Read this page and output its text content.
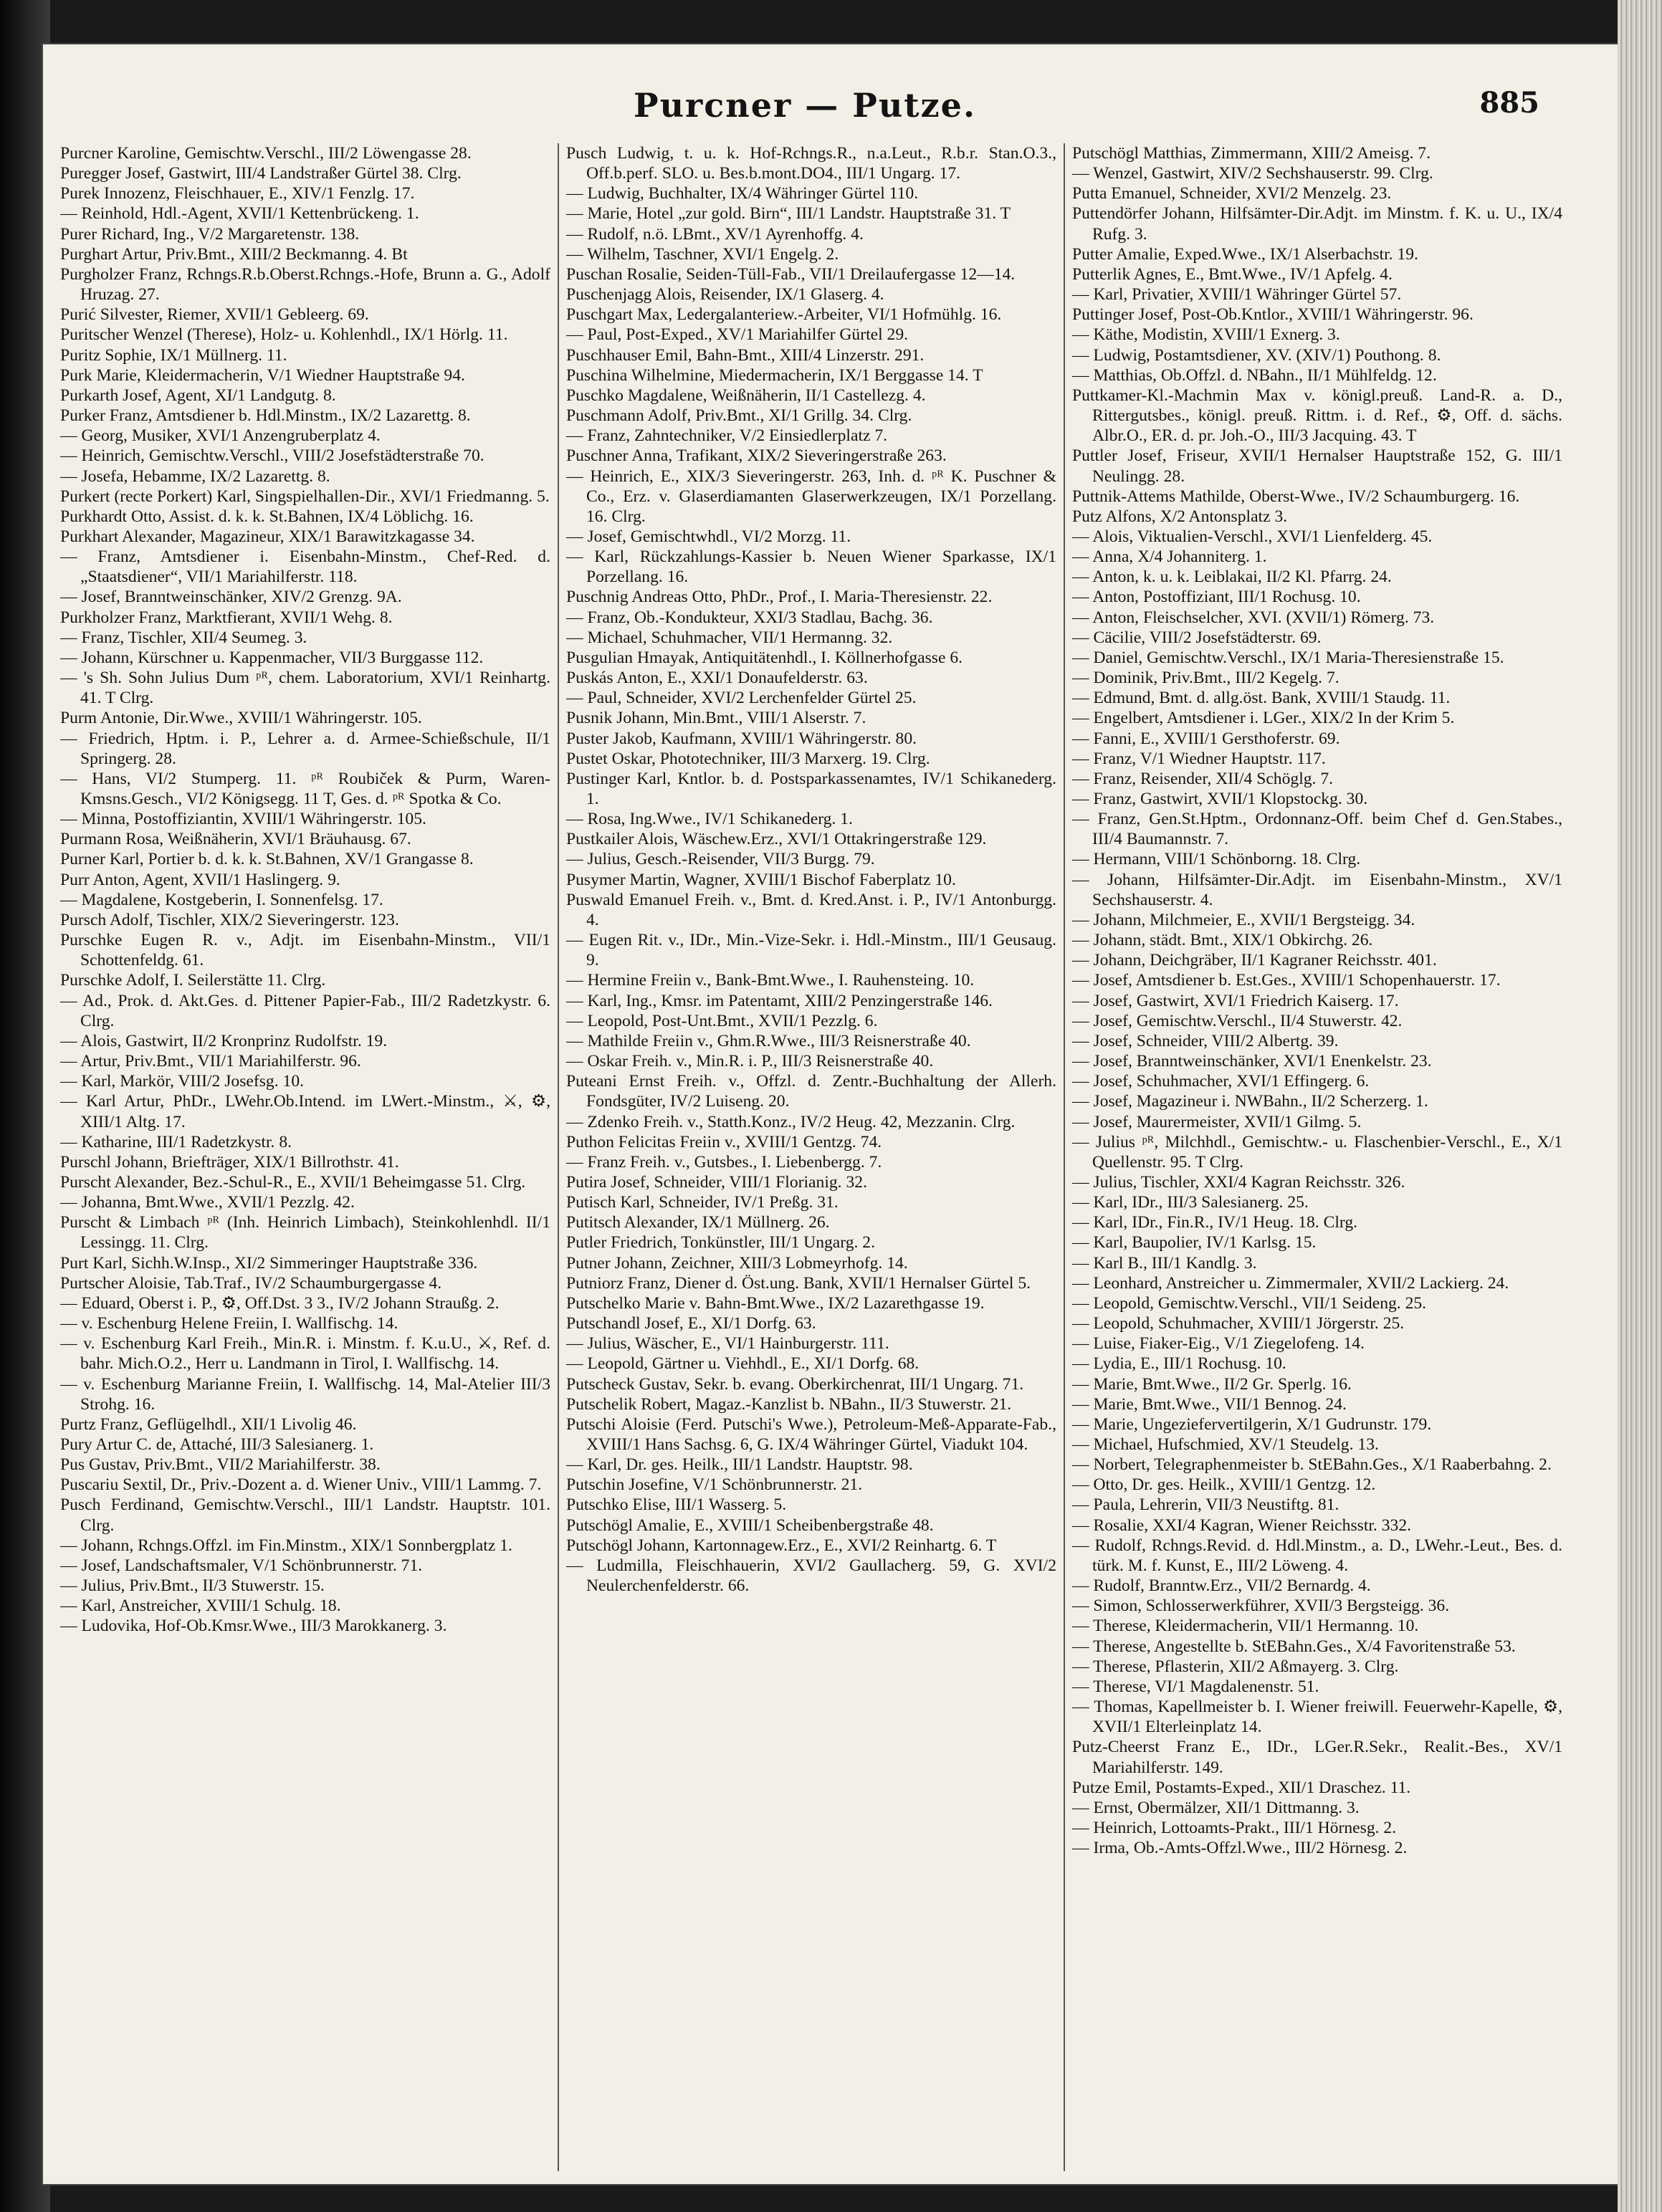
Purcner — Putze.	885
Purcner Karoline, Gemischtw.Verschl., III/2 Löwengasse 28.
Puregger Josef, Gastwirt, III/4 Landstraßer Gürtel 38. Clrg.
Purek Innozenz, Fleischhauer, E., XIV/1 Fenzlg. 17.
— Reinhold, Hdl.-Agent, XVII/1 Kettenbrückeng. 1.
Purer Richard, Ing., V/2 Margaretenstr. 138.
Purghart Artur, Priv.Bmt., XIII/2 Beckmanng. 4. Bt
Purgholzer Franz, Rchngs.R.b.Oberst.Rchngs.-Hofe, Brunn a. G., Adolf Hruzag. 27.
Purić Silvester, Riemer, XVII/1 Gebleerg. 69.
Puritscher Wenzel (Therese), Holz- u. Kohlenhdl., IX/1 Hörlg. 11.
Puritz Sophie, IX/1 Müllnerg. 11.
Purk Marie, Kleidermacherin, V/1 Wiedner Hauptstraße 94.
Purkarth Josef, Agent, XI/1 Landgutg. 8.
Purker Franz, Amtsdiener b. Hdl.Minstm., IX/2 Lazarettg. 8.
— Georg, Musiker, XVI/1 Anzengruberplatz 4.
— Heinrich, Gemischtw.Verschl., VIII/2 Josefstädterstraße 70.
— Josefa, Hebamme, IX/2 Lazarettg. 8.
Purkert (recte Porkert) Karl, Singspielhallen-Dir., XVI/1 Friedmanng. 5.
Purkhardt Otto, Assist. d. k. k. St.Bahnen, IX/4 Löblichg. 16.
Purkhart Alexander, Magazineur, XIX/1 Barawitzkagasse 34.
— Franz, Amtsdiener i. Eisenbahn-Minstm., Chef-Red. d. „Staatsdiener“, VII/1 Mariahilferstr. 118.
— Josef, Branntweinschänker, XIV/2 Grenzg. 9A.
Purkholzer Franz, Marktfierant, XVII/1 Wehg. 8.
— Franz, Tischler, XII/4 Seumeg. 3.
— Johann, Kürschner u. Kappenmacher, VII/3 Burggasse 112.
— 's Sh. Sohn Julius Dum ᵖᴿ, chem. Laboratorium, XVI/1 Reinhartg. 41. T Clrg.
Purm Antonie, Dir.Wwe., XVIII/1 Währingerstr. 105.
— Friedrich, Hptm. i. P., Lehrer a. d. Armee-Schießschule, II/1 Springerg. 28.
— Hans, VI/2 Stumperg. 11. ᵖᴿ Roubiček & Purm, Waren-Kmsns.Gesch., VI/2 Königsegg. 11 T, Ges. d. ᵖᴿ Spotka & Co.
— Minna, Postoffiziantin, XVIII/1 Währingerstr. 105.
Purmann Rosa, Weißnäherin, XVI/1 Bräuhausg. 67.
Purner Karl, Portier b. d. k. k. St.Bahnen, XV/1 Grangasse 8.
Purr Anton, Agent, XVII/1 Haslingerg. 9.
— Magdalene, Kostgeberin, I. Sonnenfelsg. 17.
Pursch Adolf, Tischler, XIX/2 Sieveringerstr. 123.
Purschke Eugen R. v., Adjt. im Eisenbahn-Minstm., VII/1 Schottenfeldg. 61.
Purschke Adolf, I. Seilerstätte 11. Clrg.
— Ad., Prok. d. Akt.Ges. d. Pittener Papier-Fab., III/2 Radetzkystr. 6. Clrg.
— Alois, Gastwirt, II/2 Kronprinz Rudolfstr. 19.
— Artur, Priv.Bmt., VII/1 Mariahilferstr. 96.
— Karl, Markör, VIII/2 Josefsg. 10.
— Karl Artur, PhDr., LWehr.Ob.Intend. im LWert.-Minstm., ⚔, ⚙, XIII/1 Altg. 17.
— Katharine, III/1 Radetzkystr. 8.
Purschl Johann, Briefträger, XIX/1 Billrothstr. 41.
Purscht Alexander, Bez.-Schul-R., E., XVII/1 Beheimgasse 51. Clrg.
— Johanna, Bmt.Wwe., XVII/1 Pezzlg. 42.
Purscht & Limbach ᵖᴿ (Inh. Heinrich Limbach), Steinkohlenhdl. II/1 Lessingg. 11. Clrg.
Purt Karl, Sichh.W.Insp., XI/2 Simmeringer Hauptstraße 336.
Purtscher Aloisie, Tab.Traf., IV/2 Schaumburgergasse 4.
— Eduard, Oberst i. P., ⚙, Off.Dst. 3 3., IV/2 Johann Straußg. 2.
— v. Eschenburg Helene Freiin, I. Wallfischg. 14.
— v. Eschenburg Karl Freih., Min.R. i. Minstm. f. K.u.U., ⚔, Ref. d. bahr. Mich.O.2., Herr u. Landmann in Tirol, I. Wallfischg. 14.
— v. Eschenburg Marianne Freiin, I. Wallfischg. 14, Mal-Atelier III/3 Strohg. 16.
Purtz Franz, Geflügelhdl., XII/1 Livolig 46.
Pury Artur C. de, Attaché, III/3 Salesianerg. 1.
Pus Gustav, Priv.Bmt., VII/2 Mariahilferstr. 38.
Puscariu Sextil, Dr., Priv.-Dozent a. d. Wiener Univ., VIII/1 Lammg. 7.
Pusch Ferdinand, Gemischtw.Verschl., III/1 Landstr. Hauptstr. 101. Clrg.
— Johann, Rchngs.Offzl. im Fin.Minstm., XIX/1 Sonnbergplatz 1.
— Josef, Landschaftsmaler, V/1 Schönbrunnerstr. 71.
— Julius, Priv.Bmt., II/3 Stuwerstr. 15.
— Karl, Anstreicher, XVIII/1 Schulg. 18.
— Ludovika, Hof-Ob.Kmsr.Wwe., III/3 Marokkanerg. 3.
Pusch Ludwig, t. u. k. Hof-Rchngs.R., n.a.Leut., R.b.r. Stan.O.3., Off.b.perf. SLO. u. Bes.b.mont.DO4., III/1 Ungarg. 17.
— Ludwig, Buchhalter, IX/4 Währinger Gürtel 110.
— Marie, Hotel „zur gold. Birn“, III/1 Landstr. Hauptstraße 31. T
— Rudolf, n.ö. LBmt., XV/1 Ayrenhoffg. 4.
— Wilhelm, Taschner, XVI/1 Engelg. 2.
Puschan Rosalie, Seiden-Tüll-Fab., VII/1 Dreilaufergasse 12—14.
Puschenjagg Alois, Reisender, IX/1 Glaserg. 4.
Puschgart Max, Ledergalanteriew.-Arbeiter, VI/1 Hofmühlg. 16.
— Paul, Post-Exped., XV/1 Mariahilfer Gürtel 29.
Puschhauser Emil, Bahn-Bmt., XIII/4 Linzerstr. 291.
Puschina Wilhelmine, Miedermacherin, IX/1 Berggasse 14. T
Puschko Magdalene, Weißnäherin, II/1 Castellezg. 4.
Puschmann Adolf, Priv.Bmt., XI/1 Grillg. 34. Clrg.
— Franz, Zahntechniker, V/2 Einsiedlerplatz 7.
Puschner Anna, Trafikant, XIX/2 Sieveringerstraße 263.
— Heinrich, E., XIX/3 Sieveringerstr. 263, Inh. d. ᵖᴿ K. Puschner & Co., Erz. v. Glaserdiamanten Glaserwerkzeugen, IX/1 Porzellang. 16. Clrg.
— Josef, Gemischtwhdl., VI/2 Morzg. 11.
— Karl, Rückzahlungs-Kassier b. Neuen Wiener Sparkasse, IX/1 Porzellang. 16.
Puschnig Andreas Otto, PhDr., Prof., I. Maria-Theresienstr. 22.
— Franz, Ob.-Kondukteur, XXI/3 Stadlau, Bachg. 36.
— Michael, Schuhmacher, VII/1 Hermanng. 32.
Pusgulian Hmayak, Antiquitätenhdl., I. Köllnerhofgasse 6.
Puskás Anton, E., XXI/1 Donaufelderstr. 63.
— Paul, Schneider, XVI/2 Lerchenfelder Gürtel 25.
Pusnik Johann, Min.Bmt., VIII/1 Alserstr. 7.
Puster Jakob, Kaufmann, XVIII/1 Währingerstr. 80.
Pustet Oskar, Phototechniker, III/3 Marxerg. 19. Clrg.
Pustinger Karl, Kntlor. b. d. Postsparkassenamtes, IV/1 Schikanederg. 1.
— Rosa, Ing.Wwe., IV/1 Schikanederg. 1.
Pustkailer Alois, Wäschew.Erz., XVI/1 Ottakringerstraße 129.
— Julius, Gesch.-Reisender, VII/3 Burgg. 79.
Pusymer Martin, Wagner, XVIII/1 Bischof Faberplatz 10.
Puswald Emanuel Freih. v., Bmt. d. Kred.Anst. i. P., IV/1 Antonburgg. 4.
— Eugen Rit. v., IDr., Min.-Vize-Sekr. i. Hdl.-Minstm., III/1 Geusaug. 9.
— Hermine Freiin v., Bank-Bmt.Wwe., I. Rauhensteing. 10.
— Karl, Ing., Kmsr. im Patentamt, XIII/2 Penzingerstraße 146.
— Leopold, Post-Unt.Bmt., XVII/1 Pezzlg. 6.
— Mathilde Freiin v., Ghm.R.Wwe., III/3 Reisnerstraße 40.
— Oskar Freih. v., Min.R. i. P., III/3 Reisnerstraße 40.
Puteani Ernst Freih. v., Offzl. d. Zentr.-Buchhaltung der Allerh. Fondsgüter, IV/2 Luiseng. 20.
— Zdenko Freih. v., Statth.Konz., IV/2 Heug. 42, Mezzanin. Clrg.
Puthon Felicitas Freiin v., XVIII/1 Gentzg. 74.
— Franz Freih. v., Gutsbes., I. Liebenbergg. 7.
Putira Josef, Schneider, VIII/1 Florianig. 32.
Putisch Karl, Schneider, IV/1 Preßg. 31.
Putitsch Alexander, IX/1 Müllnerg. 26.
Putler Friedrich, Tonkünstler, III/1 Ungarg. 2.
Putner Johann, Zeichner, XIII/3 Lobmeyrhofg. 14.
Putniorz Franz, Diener d. Öst.ung. Bank, XVII/1 Hernalser Gürtel 5.
Putschelko Marie v. Bahn-Bmt.Wwe., IX/2 Lazarethgasse 19.
Putschandl Josef, E., XI/1 Dorfg. 63.
— Julius, Wäscher, E., VI/1 Hainburgerstr. 111.
— Leopold, Gärtner u. Viehhdl., E., XI/1 Dorfg. 68.
Putscheck Gustav, Sekr. b. evang. Oberkirchenrat, III/1 Ungarg. 71.
Putschelik Robert, Magaz.-Kanzlist b. NBahn., II/3 Stuwerstr. 21.
Putschi Aloisie (Ferd. Putschi's Wwe.), Petroleum-Meß-Apparate-Fab., XVIII/1 Hans Sachsg. 6, G. IX/4 Währinger Gürtel, Viadukt 104.
— Karl, Dr. ges. Heilk., III/1 Landstr. Hauptstr. 98.
Putschin Josefine, V/1 Schönbrunnerstr. 21.
Putschko Elise, III/1 Wasserg. 5.
Putschögl Amalie, E., XVIII/1 Scheibenbergstraße 48.
Putschögl Johann, Kartonnagew.Erz., E., XVI/2 Reinhartg. 6. T
— Ludmilla, Fleischhauerin, XVI/2 Gaullacherg. 59, G. XVI/2 Neulerchenfelderstr. 66.
Putschögl Matthias, Zimmermann, XIII/2 Ameisg. 7.
— Wenzel, Gastwirt, XIV/2 Sechshauserstr. 99. Clrg.
Putta Emanuel, Schneider, XVI/2 Menzelg. 23.
Puttendörfer Johann, Hilfsämter-Dir.Adjt. im Minstm. f. K. u. U., IX/4 Rufg. 3.
Putter Amalie, Exped.Wwe., IX/1 Alserbachstr. 19.
Putterlik Agnes, E., Bmt.Wwe., IV/1 Apfelg. 4.
— Karl, Privatier, XVIII/1 Währinger Gürtel 57.
Puttinger Josef, Post-Ob.Kntlor., XVIII/1 Währingerstr. 96.
— Käthe, Modistin, XVIII/1 Exnerg. 3.
— Ludwig, Postamtsdiener, XV. (XIV/1) Pouthong. 8.
— Matthias, Ob.Offzl. d. NBahn., II/1 Mühlfeldg. 12.
Puttkamer-Kl.-Machmin Max v. königl.preuß. Land-R. a. D., Rittergutsbes., königl. preuß. Rittm. i. d. Ref., ⚙, Off. d. sächs. Albr.O., ER. d. pr. Joh.-O., III/3 Jacquing. 43. T
Puttler Josef, Friseur, XVII/1 Hernalser Hauptstraße 152, G. III/1 Neulingg. 28.
Puttnik-Attems Mathilde, Oberst-Wwe., IV/2 Schaumburgerg. 16.
Putz Alfons, X/2 Antonsplatz 3.
— Alois, Viktualien-Verschl., XVI/1 Lienfelderg. 45.
— Anna, X/4 Johanniterg. 1.
— Anton, k. u. k. Leiblakai, II/2 Kl. Pfarrg. 24.
— Anton, Postoffiziant, III/1 Rochusg. 10.
— Anton, Fleischselcher, XVI. (XVII/1) Römerg. 73.
— Cäcilie, VIII/2 Josefstädterstr. 69.
— Daniel, Gemischtw.Verschl., IX/1 Maria-Theresienstraße 15.
— Dominik, Priv.Bmt., III/2 Kegelg. 7.
— Edmund, Bmt. d. allg.öst. Bank, XVIII/1 Staudg. 11.
— Engelbert, Amtsdiener i. LGer., XIX/2 In der Krim 5.
— Fanni, E., XVIII/1 Gersthoferstr. 69.
— Franz, V/1 Wiedner Hauptstr. 117.
— Franz, Reisender, XII/4 Schöglg. 7.
— Franz, Gastwirt, XVII/1 Klopstockg. 30.
— Franz, Gen.St.Hptm., Ordonnanz-Off. beim Chef d. Gen.Stabes., III/4 Baumannstr. 7.
— Hermann, VIII/1 Schönborng. 18. Clrg.
— Johann, Hilfsämter-Dir.Adjt. im Eisenbahn-Minstm., XV/1 Sechshauserstr. 4.
— Johann, Milchmeier, E., XVII/1 Bergsteigg. 34.
— Johann, städt. Bmt., XIX/1 Obkirchg. 26.
— Johann, Deichgräber, II/1 Kagraner Reichsstr. 401.
— Josef, Amtsdiener b. Est.Ges., XVIII/1 Schopenhauerstr. 17.
— Josef, Gastwirt, XVI/1 Friedrich Kaiserg. 17.
— Josef, Gemischtw.Verschl., II/4 Stuwerstr. 42.
— Josef, Schneider, VIII/2 Albertg. 39.
— Josef, Branntweinschänker, XVI/1 Enenkelstr. 23.
— Josef, Schuhmacher, XVI/1 Effingerg. 6.
— Josef, Magazineur i. NWBahn., II/2 Scherzerg. 1.
— Josef, Maurermeister, XVII/1 Gilmg. 5.
— Julius ᵖᴿ, Milchhdl., Gemischtw.- u. Flaschenbier-Verschl., E., X/1 Quellenstr. 95. T Clrg.
— Julius, Tischler, XXI/4 Kagran Reichsstr. 326.
— Karl, IDr., III/3 Salesianerg. 25.
— Karl, IDr., Fin.R., IV/1 Heug. 18. Clrg.
— Karl, Baupolier, IV/1 Karlsg. 15.
— Karl B., III/1 Kandlg. 3.
— Leonhard, Anstreicher u. Zimmermaler, XVII/2 Lackierg. 24.
— Leopold, Gemischtw.Verschl., VII/1 Seideng. 25.
— Leopold, Schuhmacher, XVIII/1 Jörgerstr. 25.
— Luise, Fiaker-Eig., V/1 Ziegelofeng. 14.
— Lydia, E., III/1 Rochusg. 10.
— Marie, Bmt.Wwe., II/2 Gr. Sperlg. 16.
— Marie, Bmt.Wwe., VII/1 Bennog. 24.
— Marie, Ungeziefervertilgerin, X/1 Gudrunstr. 179.
— Michael, Hufschmied, XV/1 Steudelg. 13.
— Norbert, Telegraphenmeister b. StEBahn.Ges., X/1 Raaberbahng. 2.
— Otto, Dr. ges. Heilk., XVIII/1 Gentzg. 12.
— Paula, Lehrerin, VII/3 Neustiftg. 81.
— Rosalie, XXI/4 Kagran, Wiener Reichsstr. 332.
— Rudolf, Rchngs.Revid. d. Hdl.Minstm., a. D., LWehr.-Leut., Bes. d. türk. M. f. Kunst, E., III/2 Löweng. 4.
— Rudolf, Branntw.Erz., VII/2 Bernardg. 4.
— Simon, Schlosserwerkführer, XVII/3 Bergsteigg. 36.
— Therese, Kleidermacherin, VII/1 Hermanng. 10.
— Therese, Angestellte b. StEBahn.Ges., X/4 Favoritenstraße 53.
— Therese, Pflasterin, XII/2 Aßmayerg. 3. Clrg.
— Therese, VI/1 Magdalenenstr. 51.
— Thomas, Kapellmeister b. I. Wiener freiwill. Feuerwehr-Kapelle, ⚙, XVII/1 Elterleinplatz 14.
Putz-Cheerst Franz E., IDr., LGer.R.Sekr., Realit.-Bes., XV/1 Mariahilferstr. 149.
Putze Emil, Postamts-Exped., XII/1 Draschez. 11.
— Ernst, Obermälzer, XII/1 Dittmanng. 3.
— Heinrich, Lottoamts-Prakt., III/1 Hörnesg. 2.
— Irma, Ob.-Amts-Offzl.Wwe., III/2 Hörnesg. 2.
